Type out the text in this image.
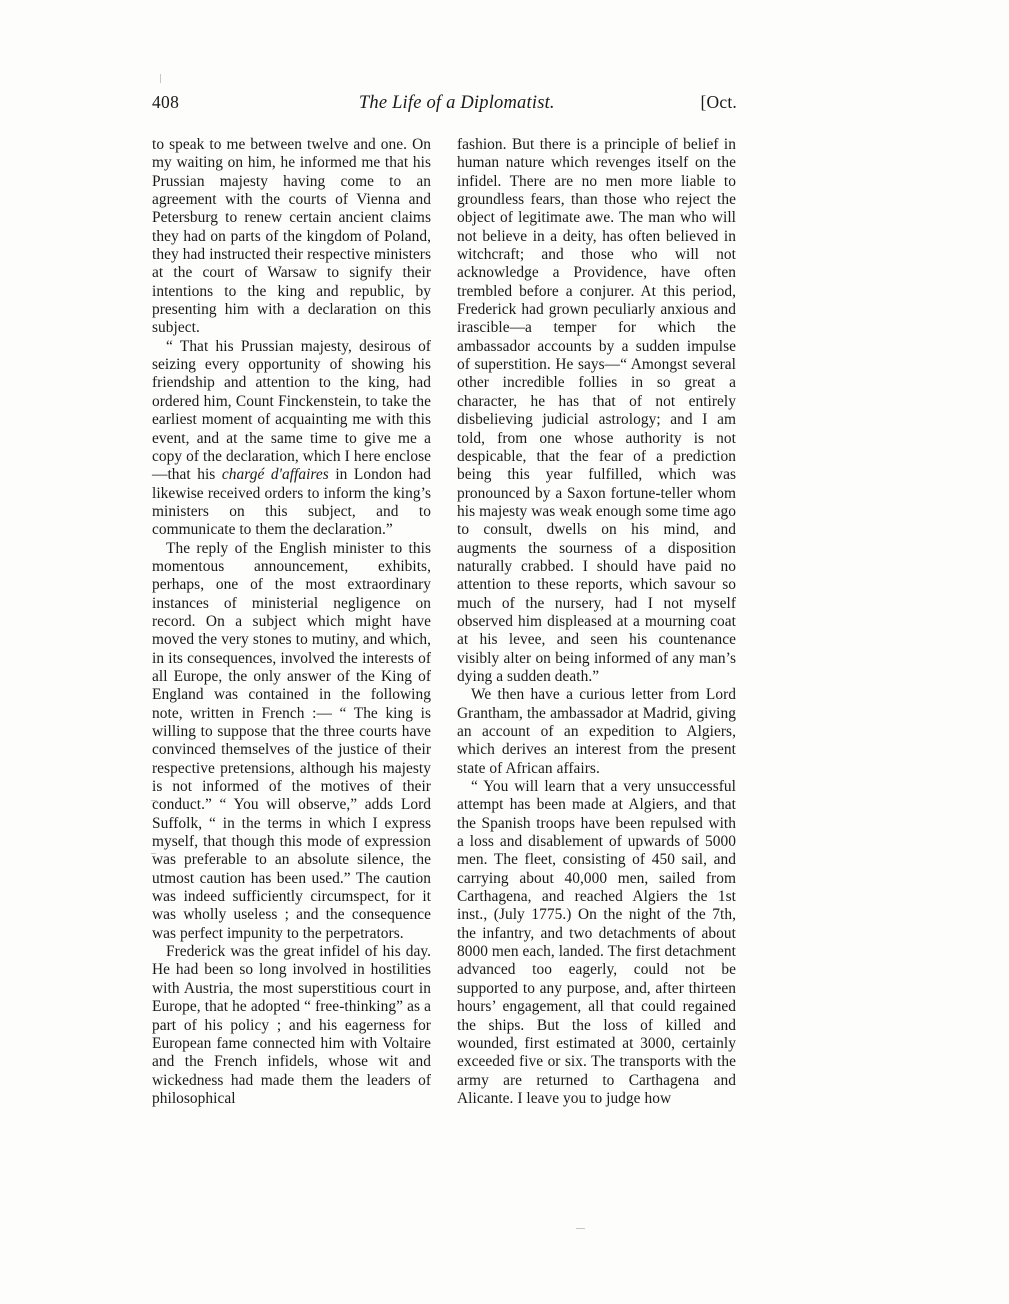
408	The Life of a Diplomatist.	[Oct.

to speak to me between twelve and one. On my waiting on him, he informed me that his Prussian majesty having come to an agreement with the courts of Vienna and Petersburg to renew certain ancient claims they had on parts of the kingdom of Poland, they had instructed their respective ministers at the court of Warsaw to signify their intentions to the king and republic, by presenting him with a declaration on this subject.

“ That his Prussian majesty, desirous of seizing every opportunity of showing his friendship and attention to the king, had ordered him, Count Finckenstein, to take the earliest moment of acquainting me with this event, and at the same time to give me a copy of the declaration, which I here enclose—that his chargé d'affaires in London had likewise received orders to inform the king’s ministers on this subject, and to communicate to them the declaration.”

The reply of the English minister to this momentous announcement, exhibits, perhaps, one of the most extraordinary instances of ministerial negligence on record. On a subject which might have moved the very stones to mutiny, and which, in its consequences, involved the interests of all Europe, the only answer of the King of England was contained in the following note, written in French :— “ The king is willing to suppose that the three courts have convinced themselves of the justice of their respective pretensions, although his majesty is not informed of the motives of their conduct.” “ You will observe,” adds Lord Suffolk, “ in the terms in which I express myself, that though this mode of expression was preferable to an absolute silence, the utmost caution has been used.” The caution was indeed sufficiently circumspect, for it was wholly useless ; and the consequence was perfect impunity to the perpetrators.

Frederick was the great infidel of his day. He had been so long involved in hostilities with Austria, the most superstitious court in Europe, that he adopted “ free-thinking” as a part of his policy ; and his eagerness for European fame connected him with Voltaire and the French infidels, whose wit and wickedness had made them the leaders of philosophical

fashion. But there is a principle of belief in human nature which revenges itself on the infidel. There are no men more liable to groundless fears, than those who reject the object of legitimate awe. The man who will not believe in a deity, has often believed in witchcraft; and those who will not acknowledge a Providence, have often trembled before a conjurer. At this period, Frederick had grown peculiarly anxious and irascible—a temper for which the ambassador accounts by a sudden impulse of superstition. He says—“ Amongst several other incredible follies in so great a character, he has that of not entirely disbelieving judicial astrology; and I am told, from one whose authority is not despicable, that the fear of a prediction being this year fulfilled, which was pronounced by a Saxon fortune-teller whom his majesty was weak enough some time ago to consult, dwells on his mind, and augments the sourness of a disposition naturally crabbed. I should have paid no attention to these reports, which savour so much of the nursery, had I not myself observed him displeased at a mourning coat at his levee, and seen his countenance visibly alter on being informed of any man’s dying a sudden death.”

We then have a curious letter from Lord Grantham, the ambassador at Madrid, giving an account of an expedition to Algiers, which derives an interest from the present state of African affairs.

“ You will learn that a very unsuccessful attempt has been made at Algiers, and that the Spanish troops have been repulsed with a loss and disablement of upwards of 5000 men. The fleet, consisting of 450 sail, and carrying about 40,000 men, sailed from Carthagena, and reached Algiers the 1st inst., (July 1775.) On the night of the 7th, the infantry, and two detachments of about 8000 men each, landed. The first detachment advanced too eagerly, could not be supported to any purpose, and, after thirteen hours’ engagement, all that could regained the ships. But the loss of killed and wounded, first estimated at 3000, certainly exceeded five or six. The transports with the army are returned to Carthagena and Alicante. I leave you to judge how
